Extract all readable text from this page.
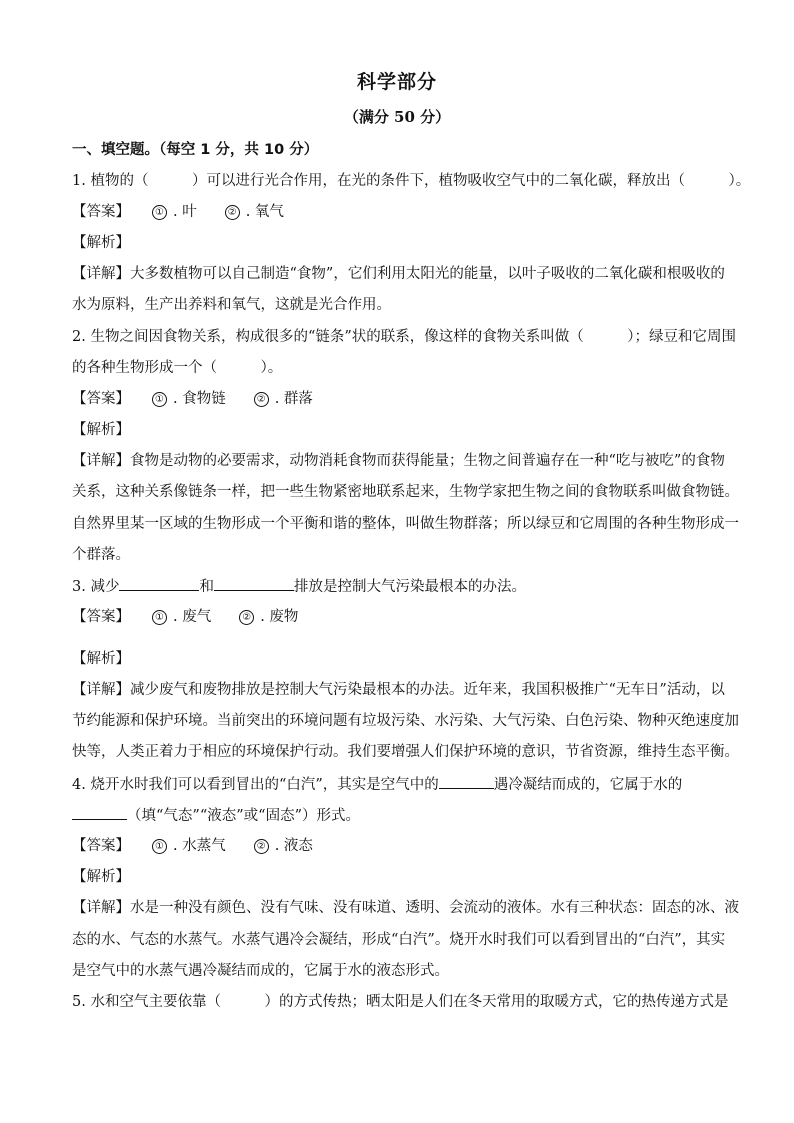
科学部分
（满分 50 分）
一、填空题。（每空 1 分，共 10 分）
1. 植物的（　　　）可以进行光合作用，在光的条件下，植物吸收空气中的二氧化碳，释放出（　　　）。
【答案】	① . 叶	② . 氧气
【解析】
【详解】大多数植物可以自己制造“食物”，它们利用太阳光的能量，以叶子吸收的二氧化碳和根吸收的
水为原料，生产出养料和氧气，这就是光合作用。
2. 生物之间因食物关系，构成很多的“链条”状的联系，像这样的食物关系叫做（　　　）；绿豆和它周围
的各种生物形成一个（　　　）。
【答案】	① . 食物链	② . 群落
【解析】
【详解】食物是动物的必要需求，动物消耗食物而获得能量；生物之间普遍存在一种“吃与被吃”的食物
关系，这种关系像链条一样，把一些生物紧密地联系起来，生物学家把生物之间的食物联系叫做食物链。
自然界里某一区域的生物形成一个平衡和谐的整体，叫做生物群落；所以绿豆和它周围的各种生物形成一
个群落。
3. 减少	和	排放是控制大气污染最根本的办法。
【答案】	① . 废气	② . 废物
【解析】
【详解】减少废气和废物排放是控制大气污染最根本的办法。近年来，我国积极推广“无车日”活动，以
节约能源和保护环境。当前突出的环境问题有垃圾污染、水污染、大气污染、白色污染、物种灭绝速度加
快等，人类正着力于相应的环境保护行动。我们要增强人们保护环境的意识，节省资源，维持生态平衡。
4. 烧开水时我们可以看到冒出的“白汽”，其实是空气中的	遇冷凝结而成的，它属于水的
（填“气态”“液态”或“固态”）形式。
【答案】	① . 水蒸气	② . 液态
【解析】
【详解】水是一种没有颜色、没有气味、没有味道、透明、会流动的液体。水有三种状态：固态的冰、液
态的水、气态的水蒸气。水蒸气遇冷会凝结，形成“白汽”。烧开水时我们可以看到冒出的“白汽”，其实
是空气中的水蒸气遇冷凝结而成的，它属于水的液态形式。
5. 水和空气主要依靠（　　　）的方式传热；晒太阳是人们在冬天常用的取暖方式，它的热传递方式是
